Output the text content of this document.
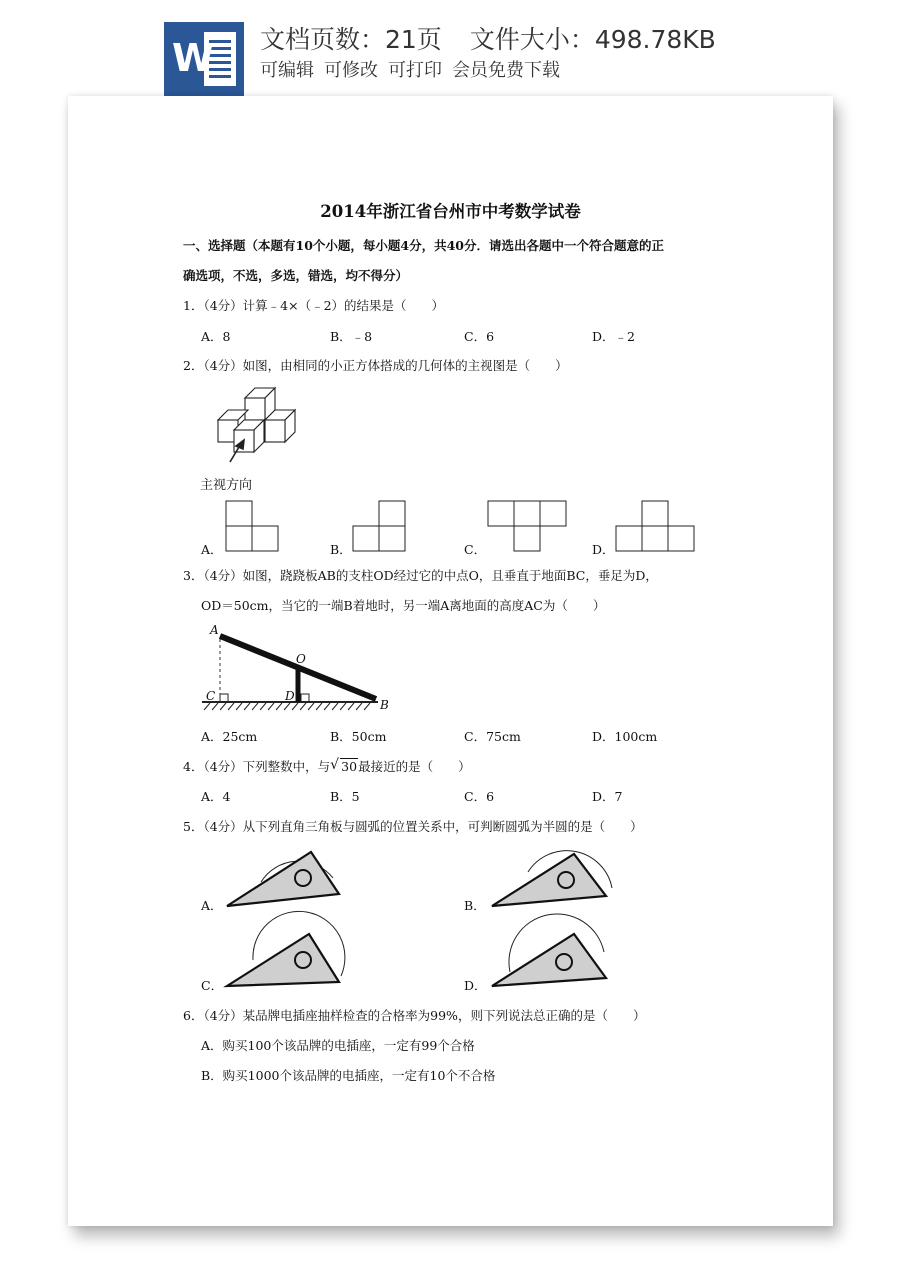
W 文档页数：21页 文件大小：498.78KB
可编辑 可修改 可打印 会员免费下载
2014年浙江省台州市中考数学试卷
一、选择题（本题有10个小题，每小题4分，共40分．请选出各题中一个符合题意的正
确选项，不选，多选，错选，均不得分）
1．（4分）计算﹣4×（﹣2）的结果是（　　）
A．8	B．﹣8	C．6	D．﹣2
2．（4分）如图，由相同的小正方体搭成的几何体的主视图是（　　）
主视方向
A．	B．	C．	D．
3．（4分）如图，跷跷板AB的支柱OD经过它的中点O，且垂直于地面BC，垂足为D，
OD＝50cm，当它的一端B着地时，另一端A离地面的高度AC为（　　）
A
O
C	D
B
A．25cm	B．50cm	C．75cm	D．100cm
4．（4分）下列整数中，与 √ 30最接近的是（　　）
A．4	B．5	C．6	D．7
5．（4分）从下列直角三角板与圆弧的位置关系中，可判断圆弧为半圆的是（　　）
A．	B．
C．	D．
6．（4分）某品牌电插座抽样检查的合格率为99%，则下列说法总正确的是（　　）
A．购买100个该品牌的电插座，一定有99个合格
B．购买1000个该品牌的电插座，一定有10个不合格
